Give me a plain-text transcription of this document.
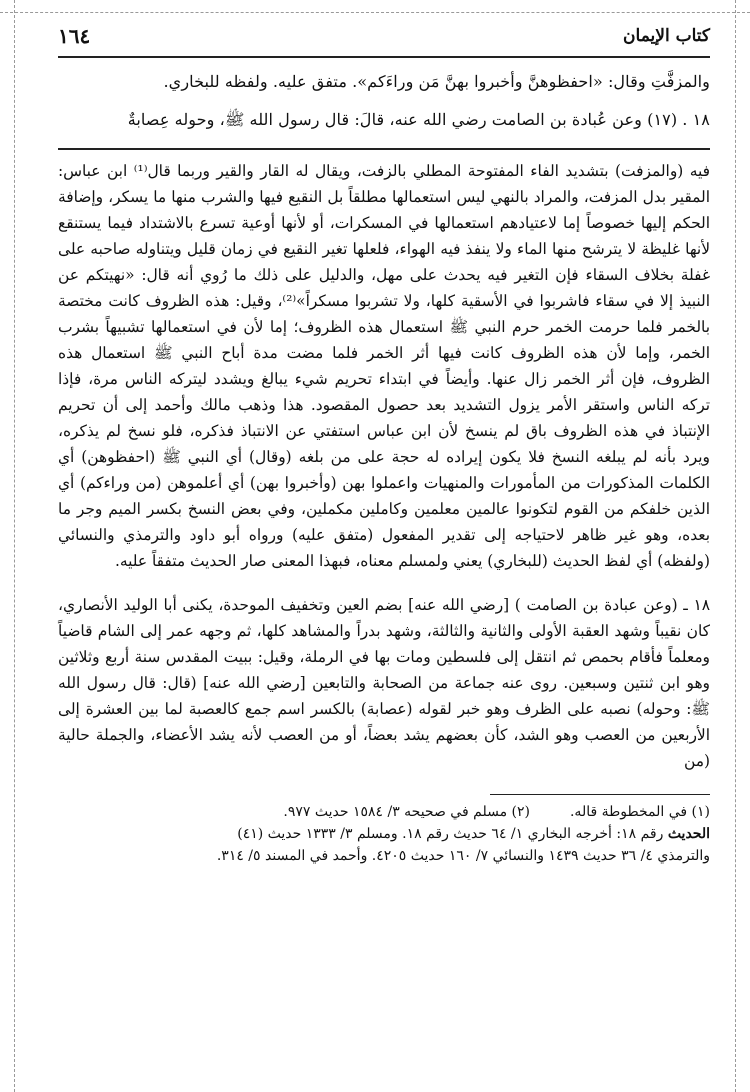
كتاب الإيمان
١٦٤

والمزفَّتِ وقال: «احفظوهنَّ وأخبروا بهنَّ مَن وراءَكم». متفق عليه. ولفظه للبخاري.

١٨ . (١٧) وعن عُبادة بن الصامت رضي الله عنه، قالَ: قال رسول الله ﷺ، وحوله عِصابةٌ

فيه (والمزفت) بتشديد الفاء المفتوحة المطلي بالزفت، ويقال له القار والقير وربما قال⁽¹⁾ ابن عباس: المقير بدل المزفت، والمراد بالنهي ليس استعمالها مطلقاً بل النقيع فيها والشرب منها ما يسكر، وإضافة الحكم إليها خصوصاً إما لاعتيادهم استعمالها في المسكرات، أو لأنها أوعية تسرع بالاشتداد فيما يستنقع لأنها غليظة لا يترشح منها الماء ولا ينفذ فيه الهواء، فلعلها تغير النقيع في زمان قليل ويتناوله صاحبه على غفلة بخلاف السقاء فإن التغير فيه يحدث على مهل، والدليل على ذلك ما رُوي أنه قال: «نهيتكم عن النبيذ إلا في سقاء فاشربوا في الأسقية كلها، ولا تشربوا مسكراً»⁽²⁾، وقيل: هذه الظروف كانت مختصة بالخمر فلما حرمت الخمر حرم النبي ﷺ استعمال هذه الظروف؛ إما لأن في استعمالها تشبيهاً بشرب الخمر، وإما لأن هذه الظروف كانت فيها أثر الخمر فلما مضت مدة أباح النبي ﷺ استعمال هذه الظروف، فإن أثر الخمر زال عنها. وأيضاً في ابتداء تحريم شيء يبالغ ويشدد ليتركه الناس مرة، فإذا تركه الناس واستقر الأمر يزول التشديد بعد حصول المقصود. هذا وذهب مالك وأحمد إلى أن تحريم الإنتباذ في هذه الظروف باق لم ينسخ لأن ابن عباس استفتي عن الانتباذ فذكره، فلو نسخ لم يذكره، ويرد بأنه لم يبلغه النسخ فلا يكون إيراده له حجة على من بلغه (وقال) أي النبي ﷺ (احفظوهن) أي الكلمات المذكورات من المأمورات والمنهيات واعملوا بهن (وأخبروا بهن) أي أعلموهن (من وراءكم) أي الذين خلفكم من القوم لتكونوا عالمين معلمين وكاملين مكملين، وفي بعض النسخ بكسر الميم وجر ما بعده، وهو غير ظاهر لاحتياجه إلى تقدير المفعول (متفق عليه) ورواه أبو داود والترمذي والنسائي (ولفظه) أي لفظ الحديث (للبخاري) يعني ولمسلم معناه، فبهذا المعنى صار الحديث متفقاً عليه.

١٨ ـ (وعن عبادة بن الصامت ) [رضي الله عنه] بضم العين وتخفيف الموحدة، يكنى أبا الوليد الأنصاري، كان نقيباً وشهد العقبة الأولى والثانية والثالثة، وشهد بدراً والمشاهد كلها، ثم وجهه عمر إلى الشام قاضياً ومعلماً فأقام بحمص ثم انتقل إلى فلسطين ومات بها في الرملة، وقيل: ببيت المقدس سنة أربع وثلاثين وهو ابن ثنتين وسبعين. روى عنه جماعة من الصحابة والتابعين [رضي الله عنه] (قال: قال رسول الله ﷺ: وحوله) نصبه على الظرف وهو خبر لقوله (عصابة) بالكسر اسم جمع كالعصبة لما بين العشرة إلى الأربعين من العصب وهو الشد، كأن بعضهم يشد بعضاً، أو من العصب لأنه يشد الأعضاء، والجملة حالية (من

(١) في المخطوطة قاله.
(٢) مسلم في صحيحه ٣/ ١٥٨٤ حديث ٩٧٧.
الحديث رقم ١٨: أخرجه البخاري ١/ ٦٤ حديث رقم ١٨. ومسلم ٣/ ١٣٣٣ حديث (٤١)
والترمذي ٤/ ٣٦ حديث ١٤٣٩ والنسائي ٧/ ١٦٠ حديث ٤٢٠٥. وأحمد في المسند ٥/ ٣١٤.
